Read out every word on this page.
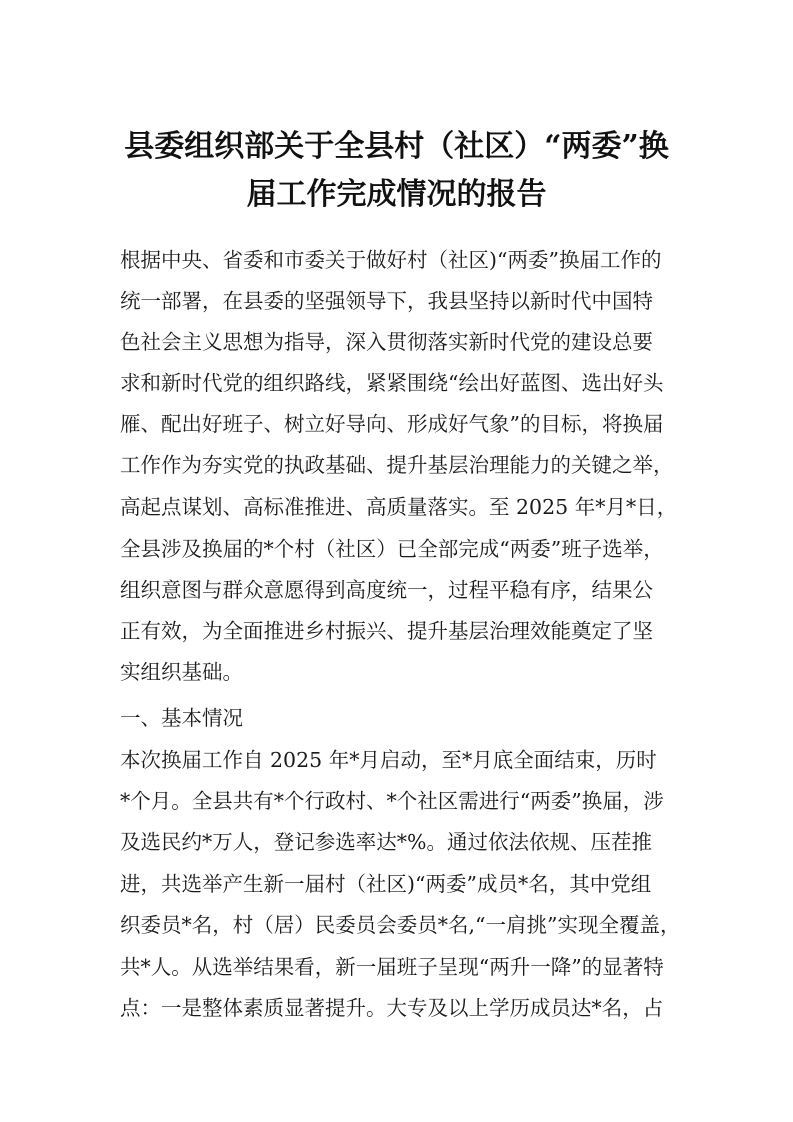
县委组织部关于全县村（社区）“两委”换
届工作完成情况的报告
根据中央、省委和市委关于做好村（社区)“两委”换届工作的
统一部署，在县委的坚强领导下，我县坚持以新时代中国特
色社会主义思想为指导，深入贯彻落实新时代党的建设总要
求和新时代党的组织路线，紧紧围绕“绘出好蓝图、选出好头
雁、配出好班子、树立好导向、形成好气象”的目标，将换届
工作作为夯实党的执政基础、提升基层治理能力的关键之举，
高起点谋划、高标准推进、高质量落实。至 2025 年*月*日，
全县涉及换届的*个村（社区）已全部完成“两委”班子选举，
组织意图与群众意愿得到高度统一，过程平稳有序，结果公
正有效，为全面推进乡村振兴、提升基层治理效能奠定了坚
实组织基础。
一、基本情况
本次换届工作自 2025 年*月启动，至*月底全面结束，历时
*个月。全县共有*个行政村、*个社区需进行“两委”换届，涉
及选民约*万人，登记参选率达*%。通过依法依规、压茬推
进，共选举产生新一届村（社区)“两委”成员*名，其中党组
织委员*名，村（居）民委员会委员*名,“一肩挑”实现全覆盖，
共*人。从选举结果看，新一届班子呈现“两升一降”的显著特
点：一是整体素质显著提升。大专及以上学历成员达*名，占
